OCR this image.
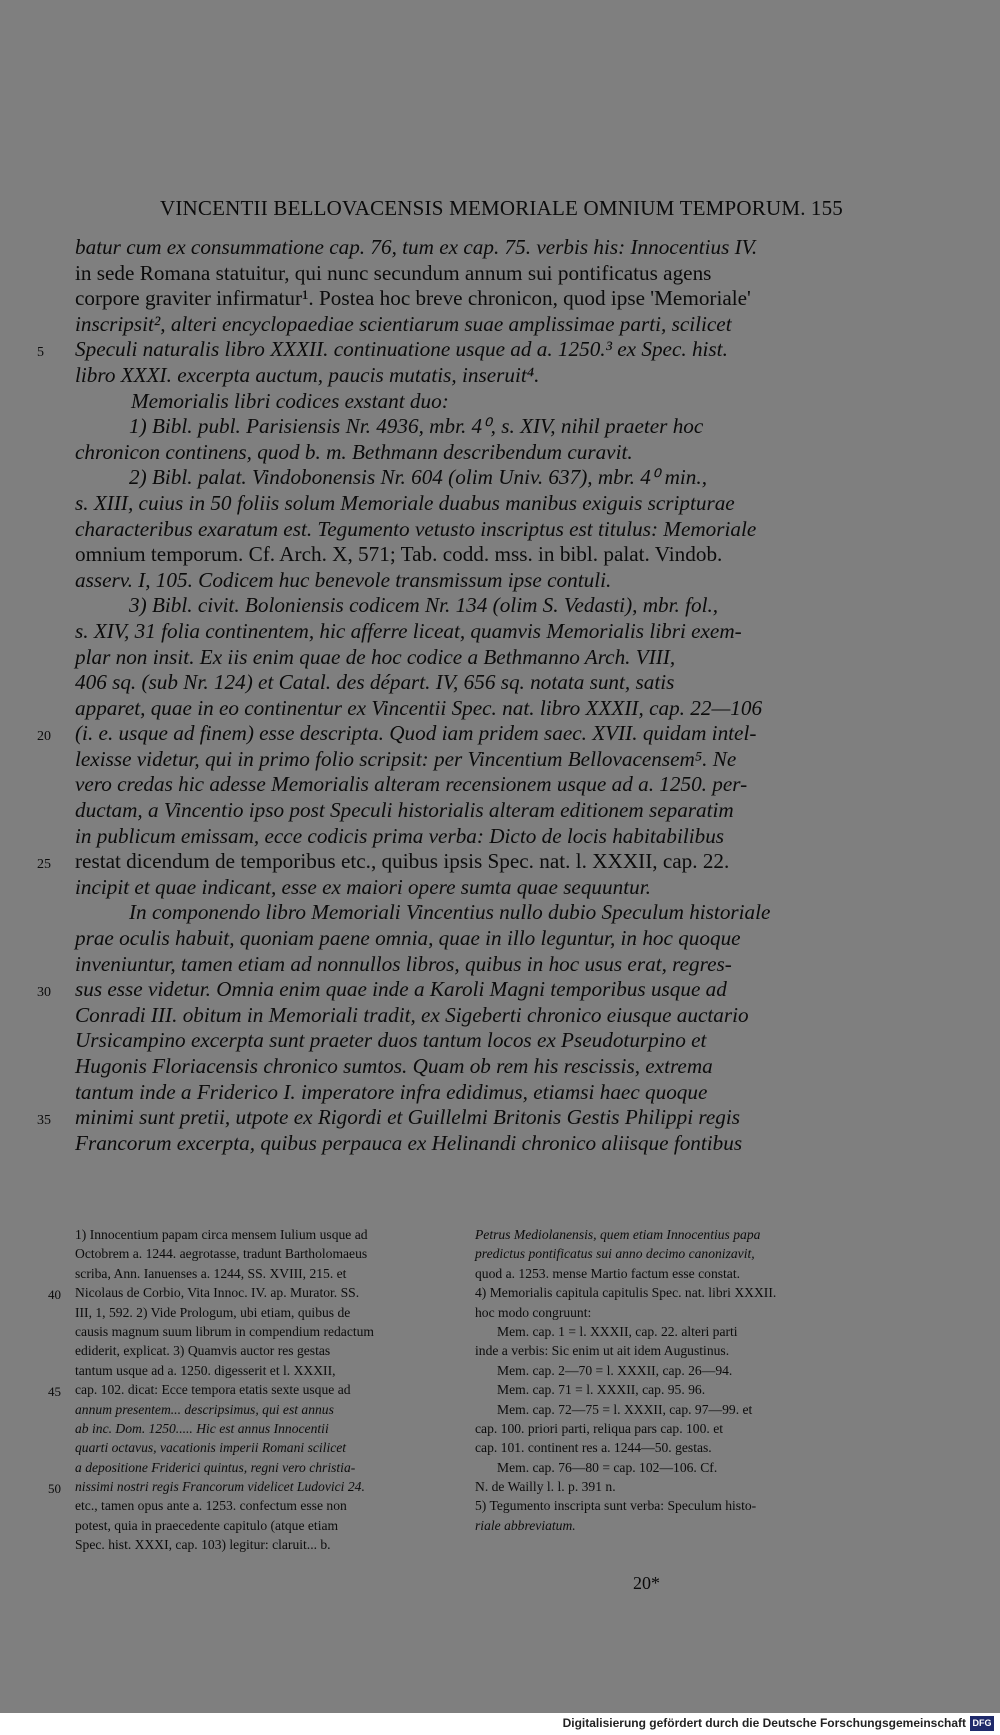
VINCENTII BELLOVACENSIS MEMORIALE OMNIUM TEMPORUM. 155
batur cum ex consummatione cap. 76, tum ex cap. 75. verbis his: Innocentius IV.
in sede Romana statuitur, qui nunc secundum annum sui pontificatus agens
corpore graviter infirmatur¹. Postea hoc breve chronicon, quod ipse 'Memoriale'
inscripsit², alteri encyclopaediae scientiarum suae amplissimae parti, scilicet
5	Speculi naturalis libro XXXII. continuatione usque ad a. 1250.³ ex Spec. hist.
libro XXXI. excerpta auctum, paucis mutatis, inseruit⁴.
Memorialis libri codices exstant duo:
1) Bibl. publ. Parisiensis Nr. 4936, mbr. 4⁰, s. XIV, nihil praeter hoc
chronicon continens, quod b. m. Bethmann describendum curavit.
2) Bibl. palat. Vindobonensis Nr. 604 (olim Univ. 637), mbr. 4⁰ min.,
s. XIII, cuius in 50 foliis solum Memoriale duabus manibus exiguis scripturae
characteribus exaratum est. Tegumento vetusto inscriptus est titulus: Memoriale
omnium temporum. Cf. Arch. X, 571; Tab. codd. mss. in bibl. palat. Vindob.
asserv. I, 105. Codicem huc benevole transmissum ipse contuli.
3) Bibl. civit. Boloniensis codicem Nr. 134 (olim S. Vedasti), mbr. fol.,
s. XIV, 31 folia continentem, hic afferre liceat, quamvis Memorialis libri exem-
plar non insit. Ex iis enim quae de hoc codice a Bethmanno Arch. VIII,
406 sq. (sub Nr. 124) et Catal. des départ. IV, 656 sq. notata sunt, satis
apparet, quae in eo continentur ex Vincentii Spec. nat. libro XXXII, cap. 22—106
20	(i. e. usque ad finem) esse descripta. Quod iam pridem saec. XVII. quidam intel-
lexisse videtur, qui in primo folio scripsit: per Vincentium Bellovacensem⁵. Ne
vero credas hic adesse Memorialis alteram recensionem usque ad a. 1250. per-
ductam, a Vincentio ipso post Speculi historialis alteram editionem separatim
in publicum emissam, ecce codicis prima verba: Dicto de locis habitabilibus
25	restat dicendum de temporibus etc., quibus ipsis Spec. nat. l. XXXII, cap. 22.
incipit et quae indicant, esse ex maiori opere sumta quae sequuntur.
In componendo libro Memoriali Vincentius nullo dubio Speculum historiale
prae oculis habuit, quoniam paene omnia, quae in illo leguntur, in hoc quoque
inveniuntur, tamen etiam ad nonnullos libros, quibus in hoc usus erat, regres-
30	sus esse videtur. Omnia enim quae inde a Karoli Magni temporibus usque ad
Conradi III. obitum in Memoriali tradit, ex Sigeberti chronico eiusque auctario
Ursicampino excerpta sunt praeter duos tantum locos ex Pseudoturpino et
Hugonis Floriacensis chronico sumtos. Quam ob rem his rescissis, extrema
tantum inde a Friderico I. imperatore infra edidimus, etiamsi haec quoque
35	minimi sunt pretii, utpote ex Rigordi et Guillelmi Britonis Gestis Philippi regis
Francorum excerpta, quibus perpauca ex Helinandi chronico aliisque fontibus
1) Innocentium papam circa mensem Iulium usque ad
Octobrem a. 1244. aegrotasse, tradunt Bartholomaeus
scriba, Ann. Ianuenses a. 1244, SS. XVIII, 215. et
40	Nicolaus de Corbio, Vita Innoc. IV. ap. Murator. SS.
III, 1, 592. 2) Vide Prologum, ubi etiam, quibus de
causis magnum suum librum in compendium redactum
ediderit, explicat. 3) Quamvis auctor res gestas
tantum usque ad a. 1250. digesserit et l. XXXII,
45	cap. 102. dicat: Ecce tempora etatis sexte usque ad
annum presentem... descripsimus, qui est annus
ab inc. Dom. 1250..... Hic est annus Innocentii
quarti octavus, vacationis imperii Romani scilicet
a depositione Friderici quintus, regni vero christia-
50	nissimi nostri regis Francorum videlicet Ludovici 24.
etc., tamen opus ante a. 1253. confectum esse non
potest, quia in praecedente capitulo (atque etiam
Spec. hist. XXXI, cap. 103) legitur: claruit... b.
Petrus Mediolanensis, quem etiam Innocentius papa
predictus pontificatus sui anno decimo canonizavit,
quod a. 1253. mense Martio factum esse constat.
4) Memorialis capitula capitulis Spec. nat. libri XXXII.
hoc modo congruunt:
Mem. cap. 1 = l. XXXII, cap. 22. alteri parti
inde a verbis: Sic enim ut ait idem Augustinus.
Mem. cap. 2—70 = l. XXXII, cap. 26—94.
Mem. cap. 71 = l. XXXII, cap. 95. 96.
Mem. cap. 72—75 = l. XXXII, cap. 97—99. et
cap. 100. priori parti, reliqua pars cap. 100. et
cap. 101. continent res a. 1244—50. gestas.
Mem. cap. 76—80 = cap. 102—106. Cf.
N. de Wailly l. l. p. 391 n.
5) Tegumento inscripta sunt verba: Speculum histo-
riale abbreviatum.
20*
Digitalisierung gefördert durch die Deutsche Forschungsgemeinschaft DFG
